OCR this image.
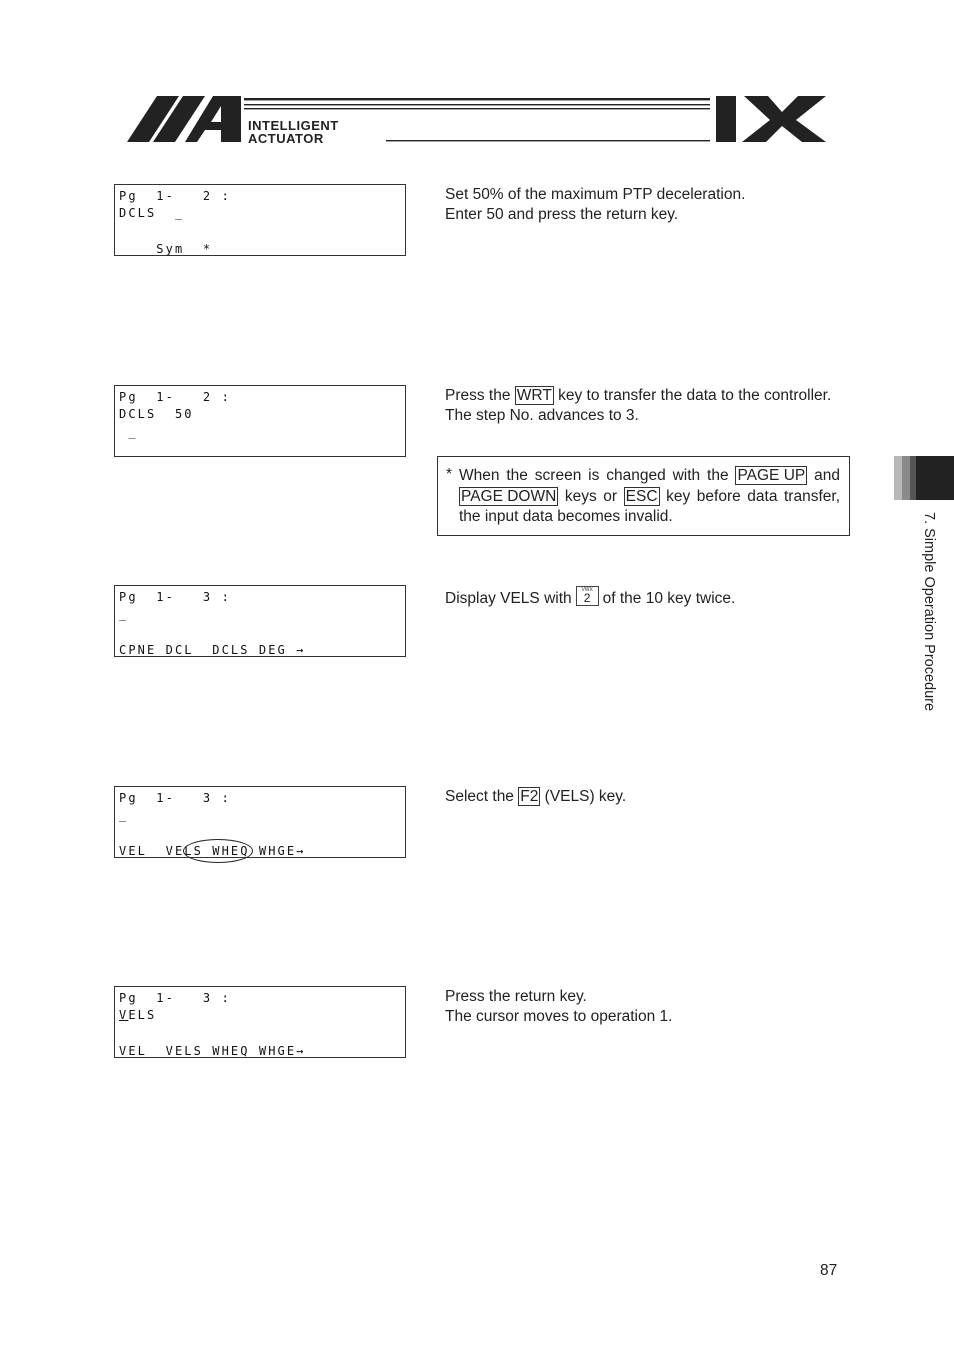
INTELLIGENT
ACTUATOR
Pg  1-   2 :
DCLS  _
Sym  *
Set 50% of the maximum PTP deceleration.
Enter 50 and press the return key.
Pg  1-   2 :
DCLS  50
_
Press the WRT key to transfer the data to the controller.
The step No. advances to 3.
* When the screen is changed with the PAGE UP and PAGE DOWN keys or ESC key before data transfer, the input data becomes invalid.
Pg  1-   3 :
_
CPNE DCL  DCLS DEG →
Display VELS with	VWX
2 of the 10 key twice.
Pg  1-   3 :
_
VEL  VELS WHEQ WHGE→
Select the F2 (VELS) key.
Pg  1-   3 :
VELS
VEL  VELS WHEQ WHGE→
Press the return key.
The cursor moves to operation 1.
7. Simple Operation Procedure
87
